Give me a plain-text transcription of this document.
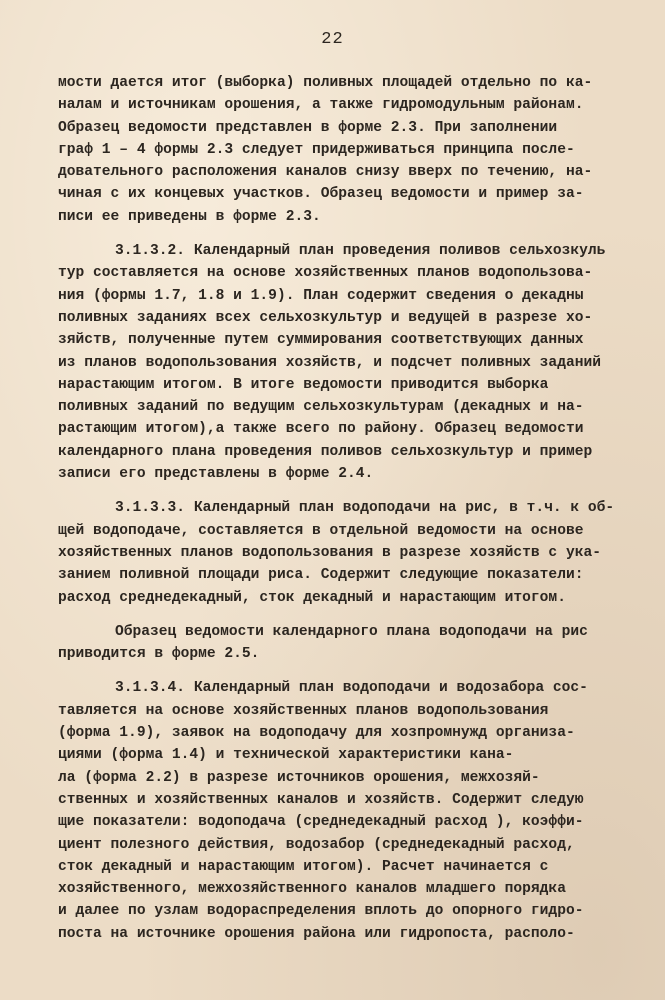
22
мости дается итог (выборка) поливных площадей отдельно по ка-
налам и источникам орошения, а также гидромодульным районам.
Образец ведомости представлен в форме 2.3. При заполнении
граф 1 – 4 формы 2.3 следует придерживаться принципа после-
довательного расположения каналов снизу вверх по течению, на-
чиная с их концевых участков. Образец ведомости и пример за-
писи ее приведены в форме 2.3.
3.1.3.2. Календарный план проведения поливов сельхозкуль
тур составляется на основе хозяйственных планов водопользова-
ния (формы 1.7, 1.8 и 1.9). План содержит сведения о декадны
поливных заданиях всех сельхозкультур и ведущей в разрезе хо-
зяйств, полученные путем суммирования соответствующих данных
из планов водопользования хозяйств, и подсчет поливных заданий
нарастающим итогом. В итоге ведомости приводится выборка
поливных заданий по ведущим сельхозкультурам (декадных и на-
растающим итогом),а также всего по району. Образец ведомости
календарного плана проведения поливов сельхозкультур и пример
записи его представлены в форме 2.4.
3.1.3.3. Календарный план водоподачи на рис, в т.ч. к об-
щей водоподаче, составляется в отдельной ведомости на основе
хозяйственных планов водопользования в разрезе хозяйств с ука-
занием поливной площади риса. Содержит следующие показатели:
расход среднедекадный, сток декадный и нарастающим итогом.
Образец ведомости календарного плана водоподачи на рис
приводится в форме 2.5.
3.1.3.4. Календарный план водоподачи и водозабора сос-
тавляется на основе хозяйственных планов водопользования
(форма 1.9), заявок на водоподачу для хозпромнужд организа-
циями (форма 1.4) и технической характеристики кана-
ла (форма 2.2) в разрезе источников орошения, межхозяй-
ственных и хозяйственных каналов и хозяйств. Содержит следую
щие показатели: водоподача (среднедекадный расход ), коэффи-
циент полезного действия, водозабор (среднедекадный расход,
сток декадный и нарастающим итогом). Расчет начинается с
хозяйственного, межхозяйственного каналов младшего порядка
и далее по узлам водораспределения вплоть до опорного гидро-
поста на источнике орошения района или гидропоста, располо-
